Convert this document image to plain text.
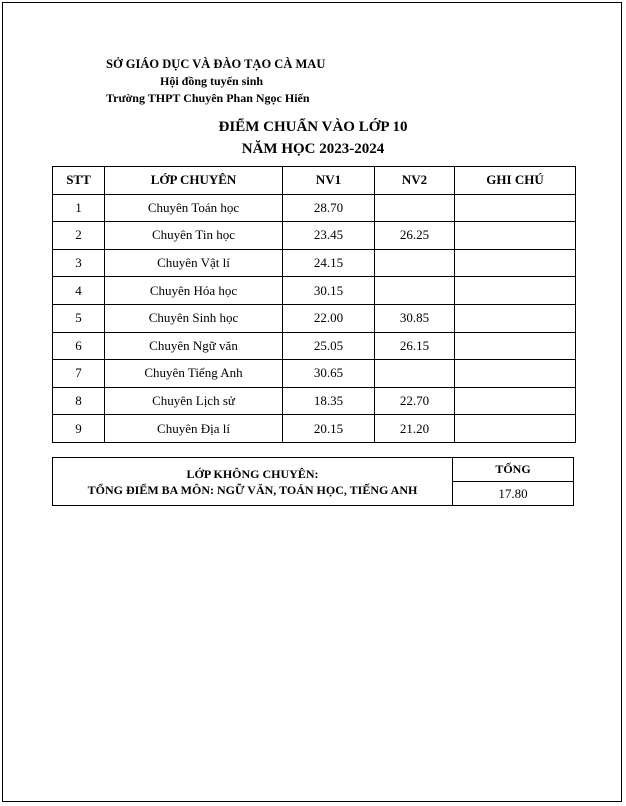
SỞ GIÁO DỤC VÀ ĐÀO TẠO CÀ MAU
Hội đồng tuyển sinh
Trường THPT Chuyên Phan Ngọc Hiển
ĐIỂM CHUẨN VÀO LỚP 10
NĂM HỌC 2023-2024
STT	LỚP CHUYÊN	NV1	NV2	GHI CHÚ
1	Chuyên Toán học	28.70		
2	Chuyên Tin học	23.45	26.25	
3	Chuyên Vật lí	24.15		
4	Chuyên Hóa học	30.15		
5	Chuyên Sinh học	22.00	30.85	
6	Chuyên Ngữ văn	25.05	26.15	
7	Chuyên Tiếng Anh	30.65		
8	Chuyên Lịch sử	18.35	22.70	
9	Chuyên Địa lí	20.15	21.20	
LỚP KHÔNG CHUYÊN:
TỔNG ĐIỂM BA MÔN: NGỮ VĂN, TOÁN HỌC, TIẾNG ANH
	TỔNG
17.80
